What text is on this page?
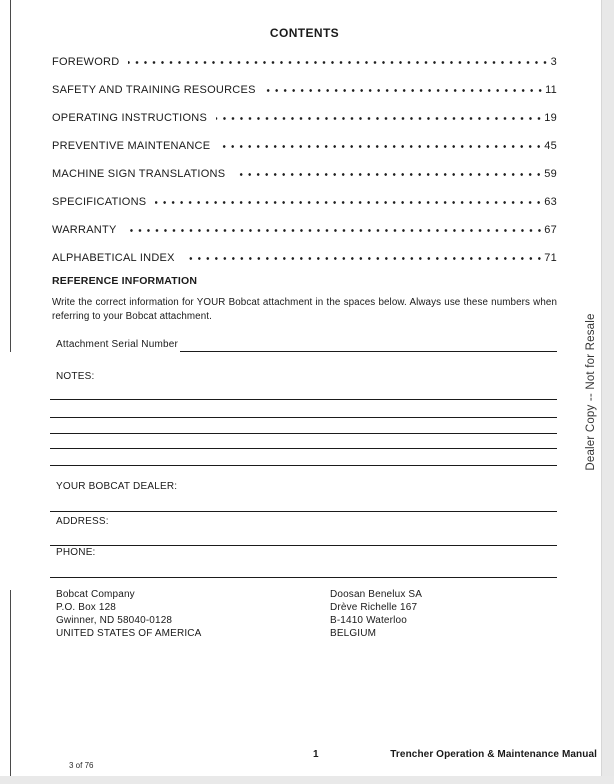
CONTENTS
FOREWORD	3
SAFETY AND TRAINING RESOURCES	11
OPERATING INSTRUCTIONS	19
PREVENTIVE MAINTENANCE	45
MACHINE SIGN TRANSLATIONS	59
SPECIFICATIONS	63
WARRANTY	67
ALPHABETICAL INDEX	71
REFERENCE INFORMATION
Write the correct information for YOUR Bobcat attachment in the spaces below. Always use these numbers when
referring to your Bobcat attachment.
Attachment Serial Number
NOTES:
YOUR BOBCAT DEALER:
ADDRESS:
PHONE:
Bobcat Company
P.O. Box 128
Gwinner, ND 58040-0128
UNITED STATES OF AMERICA
Doosan Benelux SA
Drève Richelle 167
B-1410 Waterloo
BELGIUM
Dealer Copy -- Not for Resale
1	Trencher Operation & Maintenance Manual
3 of 76
